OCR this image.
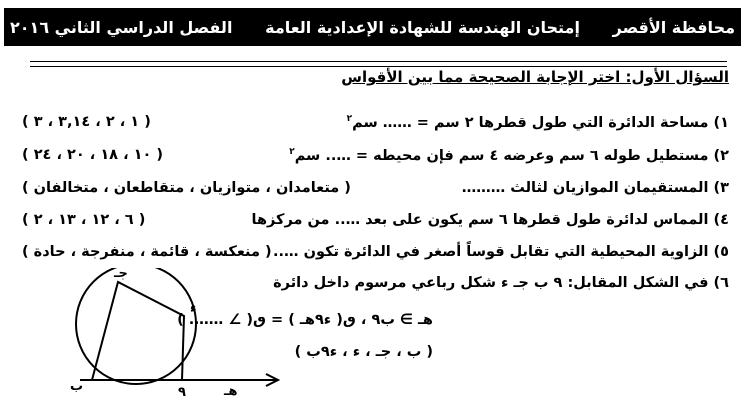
محافظة الأقصر
إمتحان الهندسة للشهادة الإعدادية العامة
الفصل الدراسي الثاني ٢٠١٦
السؤال الأول: اختر الإجابة الصحيحة مما بين الأقواس
١) مساحة الدائرة التي طول قطرها ٢ سم = …… سم$^٢$
( ١ ، ٢ ، ٣,١٤ ، ٣ )
٢) مستطيل طوله ٦ سم وعرضه ٤ سم فإن محيطه = ….. سم$^٢$
( ١٠ ، ١٨ ، ٢٠ ، ٢٤ )
٣) المستقيمان الموازيان لثالث ………
( متعامدان ، متوازيان ، متقاطعان ، متخالفان )
٤) المماس لدائرة طول قطرها ٦ سم يكون على بعد ….. من مركزها
( ٦ ، ١٢ ، ١٣ ، ٢ )
٥) الزاوية المحيطية التي تقابل قوساً أصغر في الدائرة تكون …..
( منعكسة ، قائمة ، منفرجة ، حادة )
٦) في الشكل المقابل: ٩ ب جـ ء شكل رباعي مرسوم داخل دائرة
هـ ∋ ب٩ ، ٯ( ء٩هـ ) = ٯ( ∠ ……. )
( ب ، جـ ، ء ، ء٩ب )
ب	٩
جـ
ء
هـ
